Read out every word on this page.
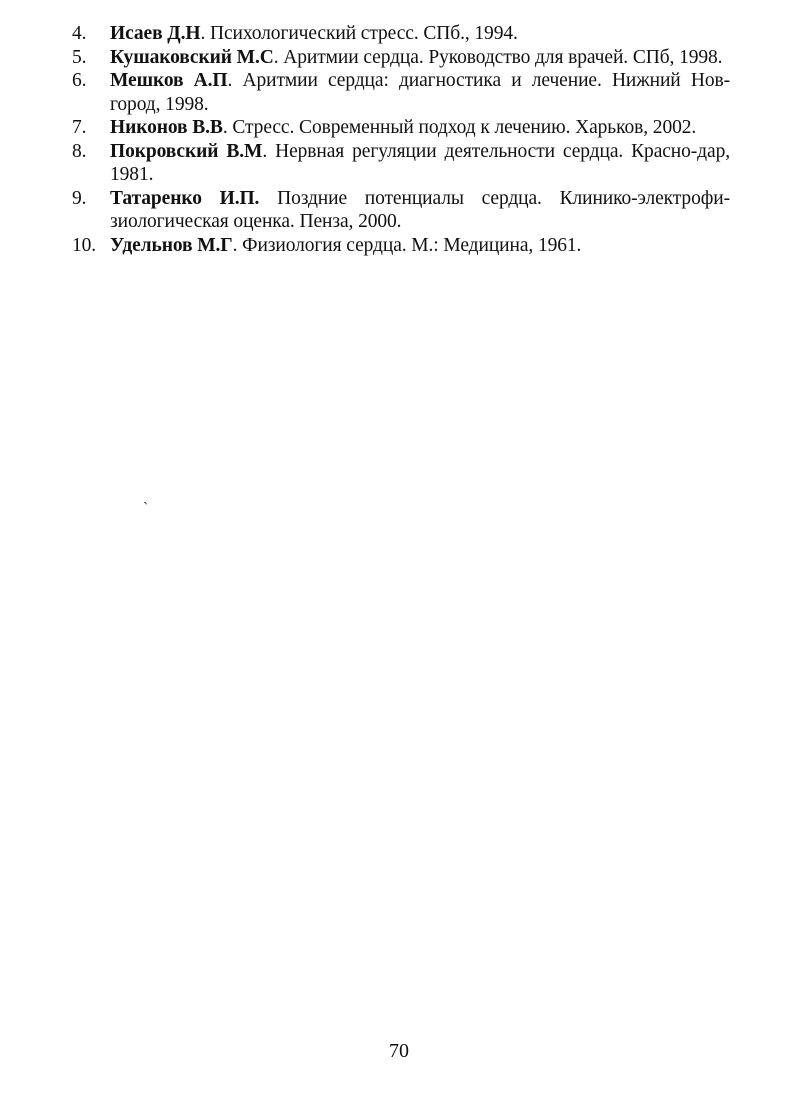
4.	Исаев Д.Н. Психологический стресс. СПб., 1994.
5.	Кушаковский М.С. Аритмии сердца. Руководство для врачей. СПб, 1998.
6.	Мешков А.П. Аритмии сердца: диагностика и лечение. Нижний Нов-город, 1998.
7.	Никонов В.В. Стресс. Современный подход к лечению. Харьков, 2002.
8.	Покровский В.М. Нервная регуляции деятельности сердца. Красно-дар, 1981.
9.	Татаренко И.П. Поздние потенциалы сердца. Клинико-электрофи-зиологическая оценка. Пенза, 2000.
10. Удельнов М.Г. Физиология сердца. М.: Медицина, 1961.
`
70
